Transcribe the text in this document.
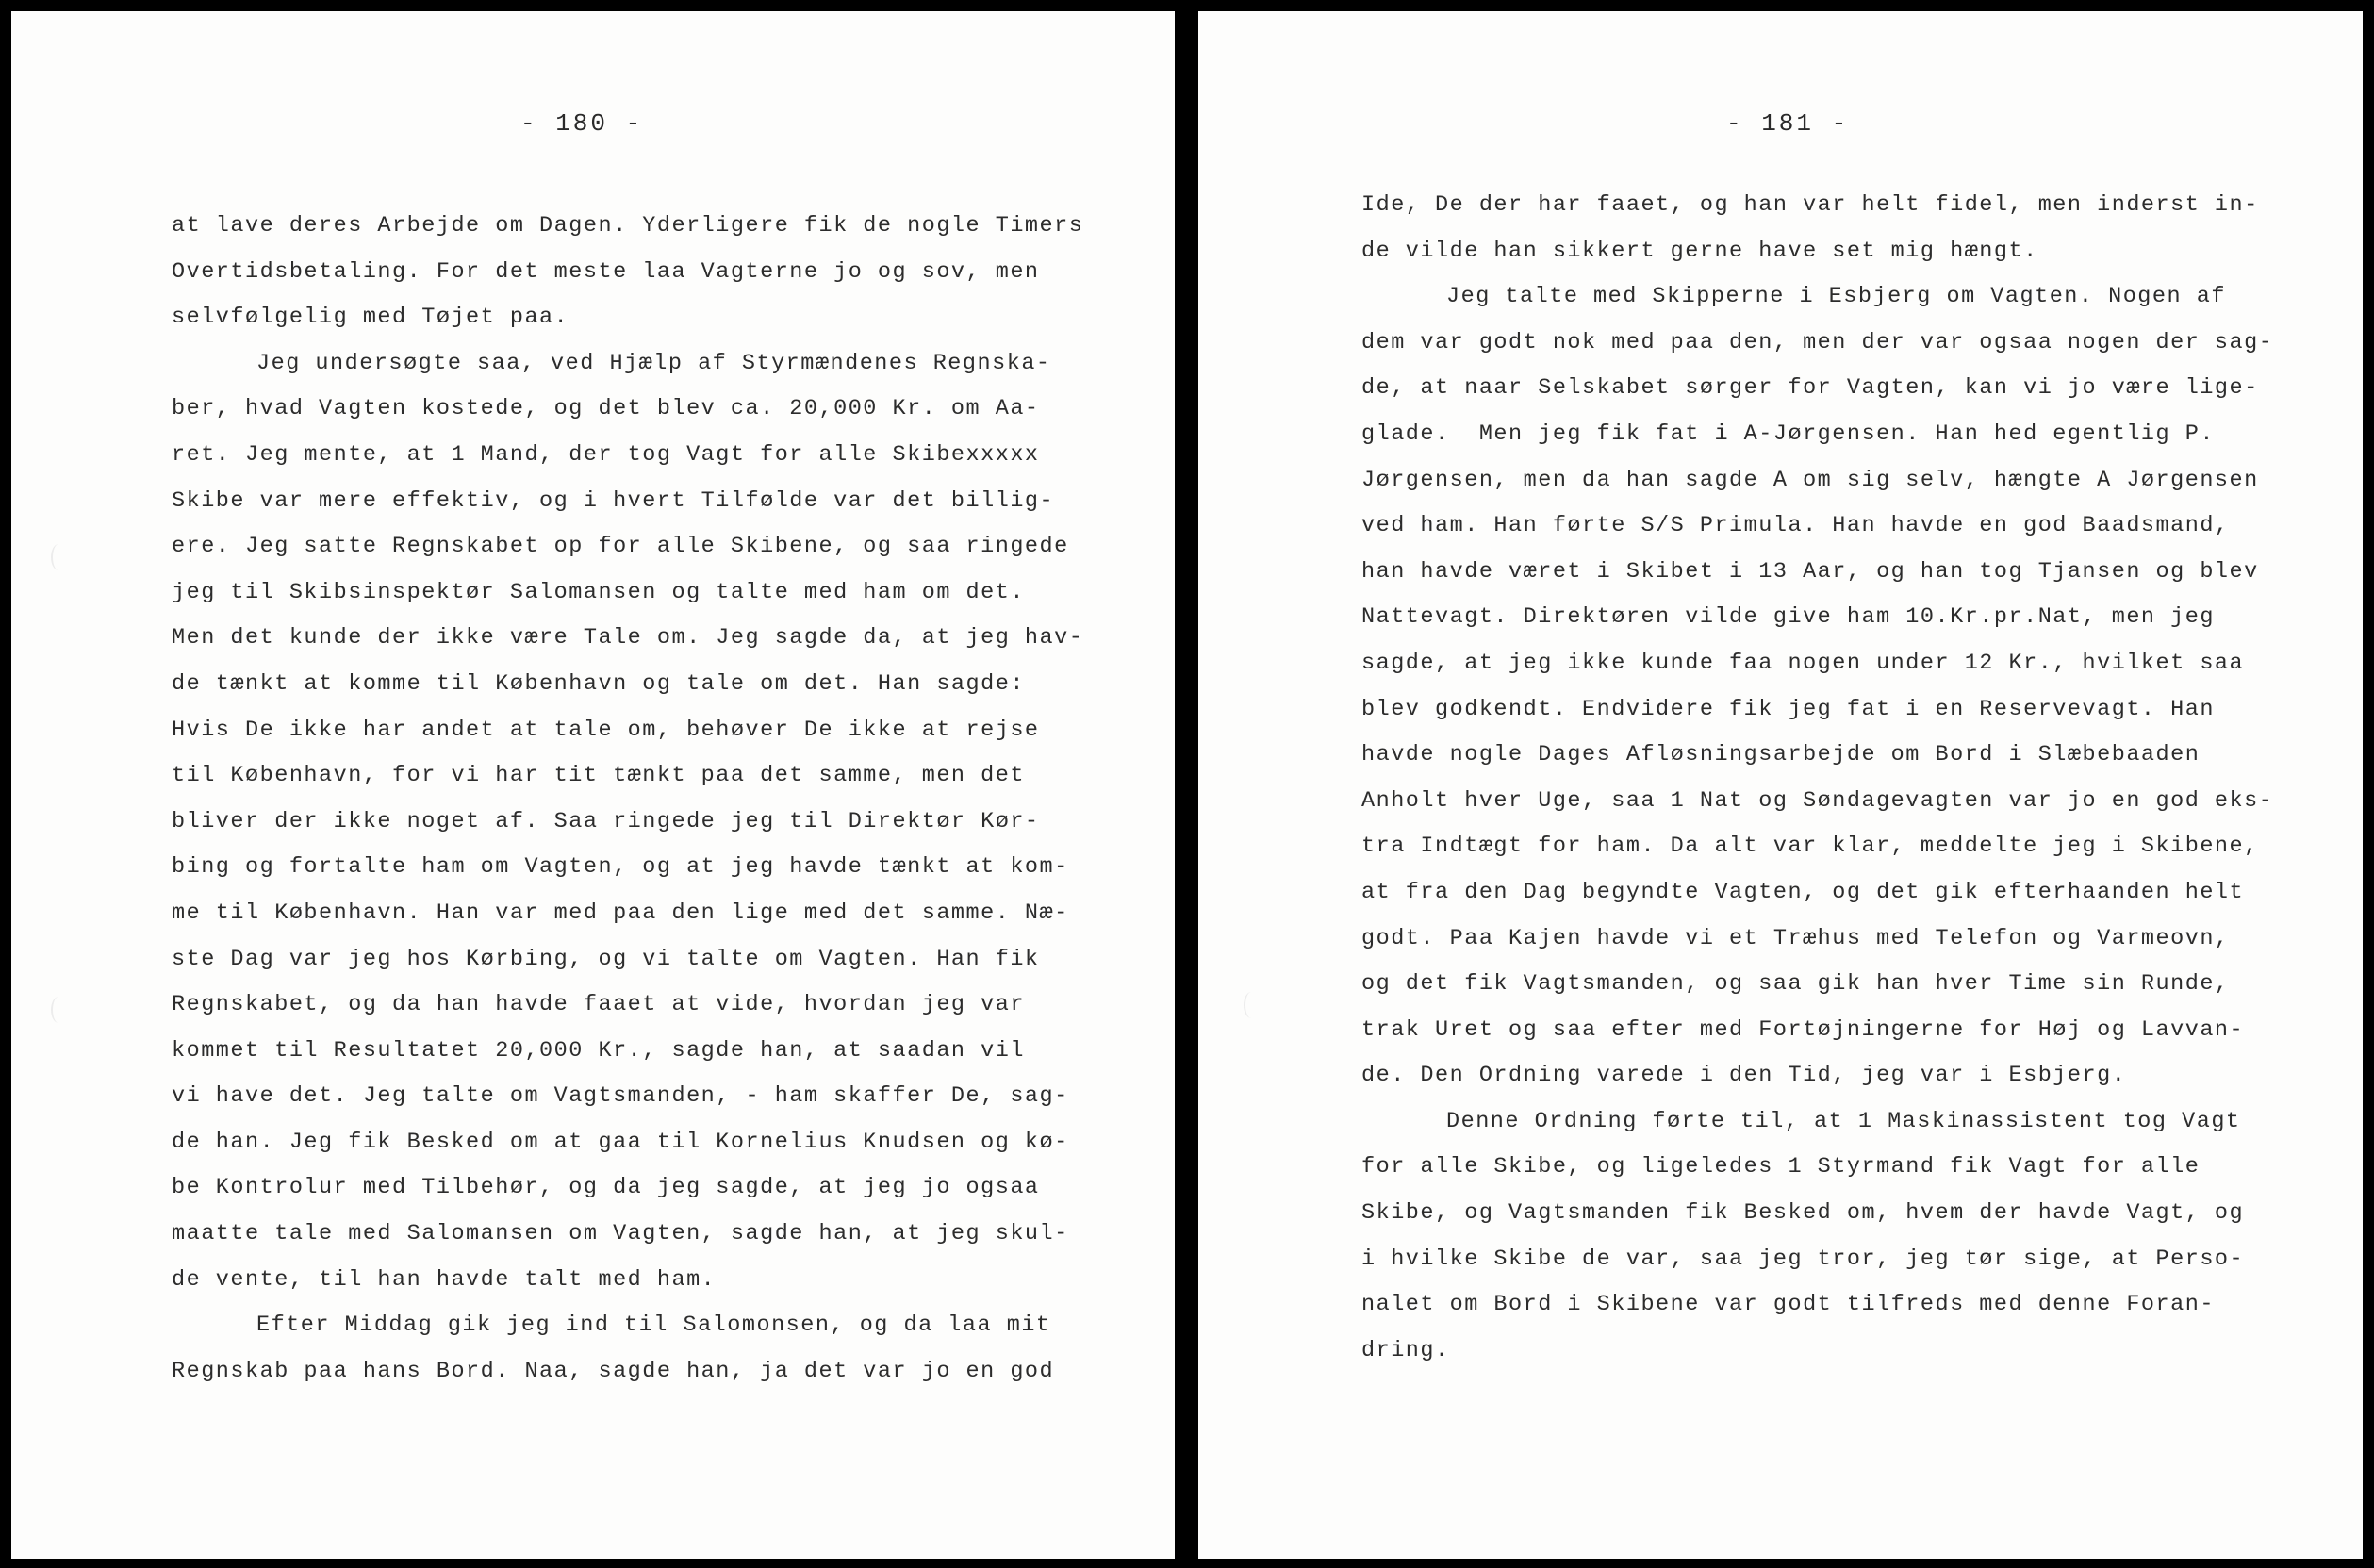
- 180 -
at lave deres Arbejde om Dagen. Yderligere fik de nogle Timers
Overtidsbetaling. For det meste laa Vagterne jo og sov, men
selvfølgelig med Tøjet paa.
Jeg undersøgte saa, ved Hjælp af Styrmændenes Regnska-
ber, hvad Vagten kostede, og det blev ca. 20,000 Kr. om Aa-
ret. Jeg mente, at 1 Mand, der tog Vagt for alle Skibexxxxx
Skibe var mere effektiv, og i hvert Tilfølde var det billig-
ere. Jeg satte Regnskabet op for alle Skibene, og saa ringede
jeg til Skibsinspektør Salomansen og talte med ham om det.
Men det kunde der ikke være Tale om. Jeg sagde da, at jeg hav-
de tænkt at komme til København og tale om det. Han sagde:
Hvis De ikke har andet at tale om, behøver De ikke at rejse
til København, for vi har tit tænkt paa det samme, men det
bliver der ikke noget af. Saa ringede jeg til Direktør Kør-
bing og fortalte ham om Vagten, og at jeg havde tænkt at kom-
me til København. Han var med paa den lige med det samme. Næ-
ste Dag var jeg hos Kørbing, og vi talte om Vagten. Han fik
Regnskabet, og da han havde faaet at vide, hvordan jeg var
kommet til Resultatet 20,000 Kr., sagde han, at saadan vil
vi have det. Jeg talte om Vagtsmanden, - ham skaffer De, sag-
de han. Jeg fik Besked om at gaa til Kornelius Knudsen og kø-
be Kontrolur med Tilbehør, og da jeg sagde, at jeg jo ogsaa
maatte tale med Salomansen om Vagten, sagde han, at jeg skul-
de vente, til han havde talt med ham.
Efter Middag gik jeg ind til Salomonsen, og da laa mit
Regnskab paa hans Bord. Naa, sagde han, ja det var jo en god
- 181 -
Ide, De der har faaet, og han var helt fidel, men inderst in-
de vilde han sikkert gerne have set mig hængt.
Jeg talte med Skipperne i Esbjerg om Vagten. Nogen af
dem var godt nok med paa den, men der var ogsaa nogen der sag-
de, at naar Selskabet sørger for Vagten, kan vi jo være lige-
glade.  Men jeg fik fat i A-Jørgensen. Han hed egentlig P.
Jørgensen, men da han sagde A om sig selv, hængte A Jørgensen
ved ham. Han førte S/S Primula. Han havde en god Baadsmand,
han havde været i Skibet i 13 Aar, og han tog Tjansen og blev
Nattevagt. Direktøren vilde give ham 10.Kr.pr.Nat, men jeg
sagde, at jeg ikke kunde faa nogen under 12 Kr., hvilket saa
blev godkendt. Endvidere fik jeg fat i en Reservevagt. Han
havde nogle Dages Afløsningsarbejde om Bord i Slæbebaaden
Anholt hver Uge, saa 1 Nat og Søndagevagten var jo en god eks-
tra Indtægt for ham. Da alt var klar, meddelte jeg i Skibene,
at fra den Dag begyndte Vagten, og det gik efterhaanden helt
godt. Paa Kajen havde vi et Træhus med Telefon og Varmeovn,
og det fik Vagtsmanden, og saa gik han hver Time sin Runde,
trak Uret og saa efter med Fortøjningerne for Høj og Lavvan-
de. Den Ordning varede i den Tid, jeg var i Esbjerg.
Denne Ordning førte til, at 1 Maskinassistent tog Vagt
for alle Skibe, og ligeledes 1 Styrmand fik Vagt for alle
Skibe, og Vagtsmanden fik Besked om, hvem der havde Vagt, og
i hvilke Skibe de var, saa jeg tror, jeg tør sige, at Perso-
nalet om Bord i Skibene var godt tilfreds med denne Foran-
dring.
